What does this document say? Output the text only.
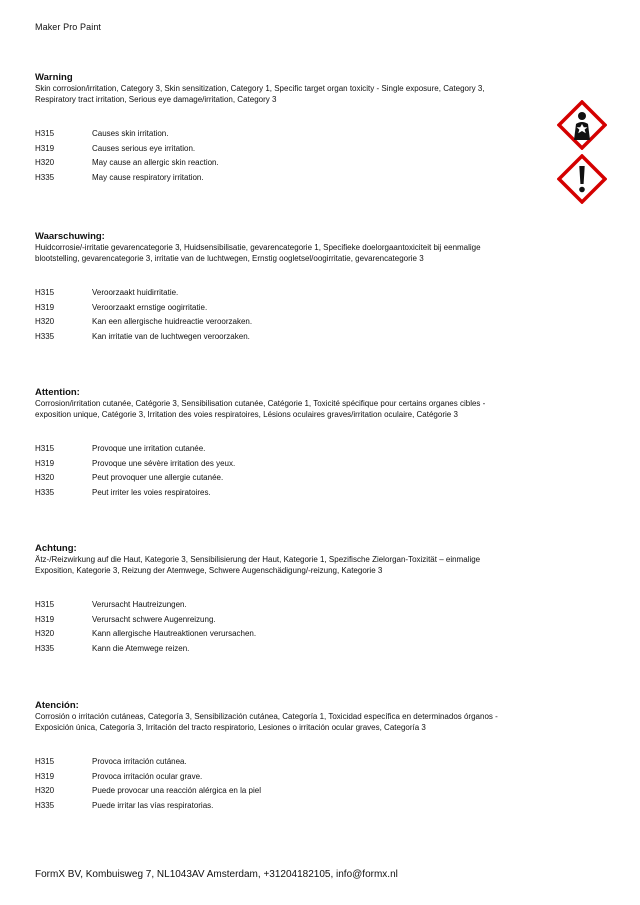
Maker Pro Paint
Warning
Skin corrosion/irritation, Category 3, Skin sensitization, Category 1, Specific target organ toxicity - Single exposure, Category 3, Respiratory tract irritation, Serious eye damage/irritation, Category 3
H315	Causes skin irritation.
H319	Causes serious eye irritation.
H320	May cause an allergic skin reaction.
H335	May cause respiratory irritation.
Waarschuwing:
Huidcorrosie/-irritatie gevarencategorie 3, Huidsensibilisatie, gevarencategorie 1, Specifieke doelorgaantoxiciteit bij eenmalige blootstelling, gevarencategorie 3, irritatie van de luchtwegen, Ernstig oogletsel/oogirritatie, gevarencategorie 3
H315	Veroorzaakt huidirritatie.
H319	Veroorzaakt ernstige oogirritatie.
H320	Kan een allergische huidreactie veroorzaken.
H335	Kan irritatie van de luchtwegen veroorzaken.
Attention:
Corrosion/irritation cutanée, Catégorie 3, Sensibilisation cutanée, Catégorie 1, Toxicité spécifique pour certains organes cibles - exposition unique, Catégorie 3, Irritation des voies respiratoires, Lésions oculaires graves/irritation oculaire, Catégorie 3
H315	Provoque une irritation cutanée.
H319	Provoque une sévère irritation des yeux.
H320	Peut provoquer une allergie cutanée.
H335	Peut irriter les voies respiratoires.
Achtung:
Ätz-/Reizwirkung auf die Haut, Kategorie 3, Sensibilisierung der Haut, Kategorie 1, Spezifische Zielorgan-Toxizität – einmalige Exposition, Kategorie 3, Reizung der Atemwege, Schwere Augenschädigung/-reizung, Kategorie 3
H315	Verursacht Hautreizungen.
H319	Verursacht schwere Augenreizung.
H320	Kann allergische Hautreaktionen verursachen.
H335	Kann die Atemwege reizen.
Atención:
Corrosión o irritación cutáneas, Categoría 3, Sensibilización cutánea, Categoría 1, Toxicidad específica en determinados órganos - Exposición única, Categoría 3, Irritación del tracto respiratorio, Lesiones o irritación ocular graves, Categoría 3
H315	Provoca irritación cutánea.
H319	Provoca irritación ocular grave.
H320	Puede provocar una reacción alérgica en la piel
H335	Puede irritar las vías respiratorias.
FormX BV, Kombuisweg 7, NL1043AV Amsterdam, +31204182105, info@formx.nl
